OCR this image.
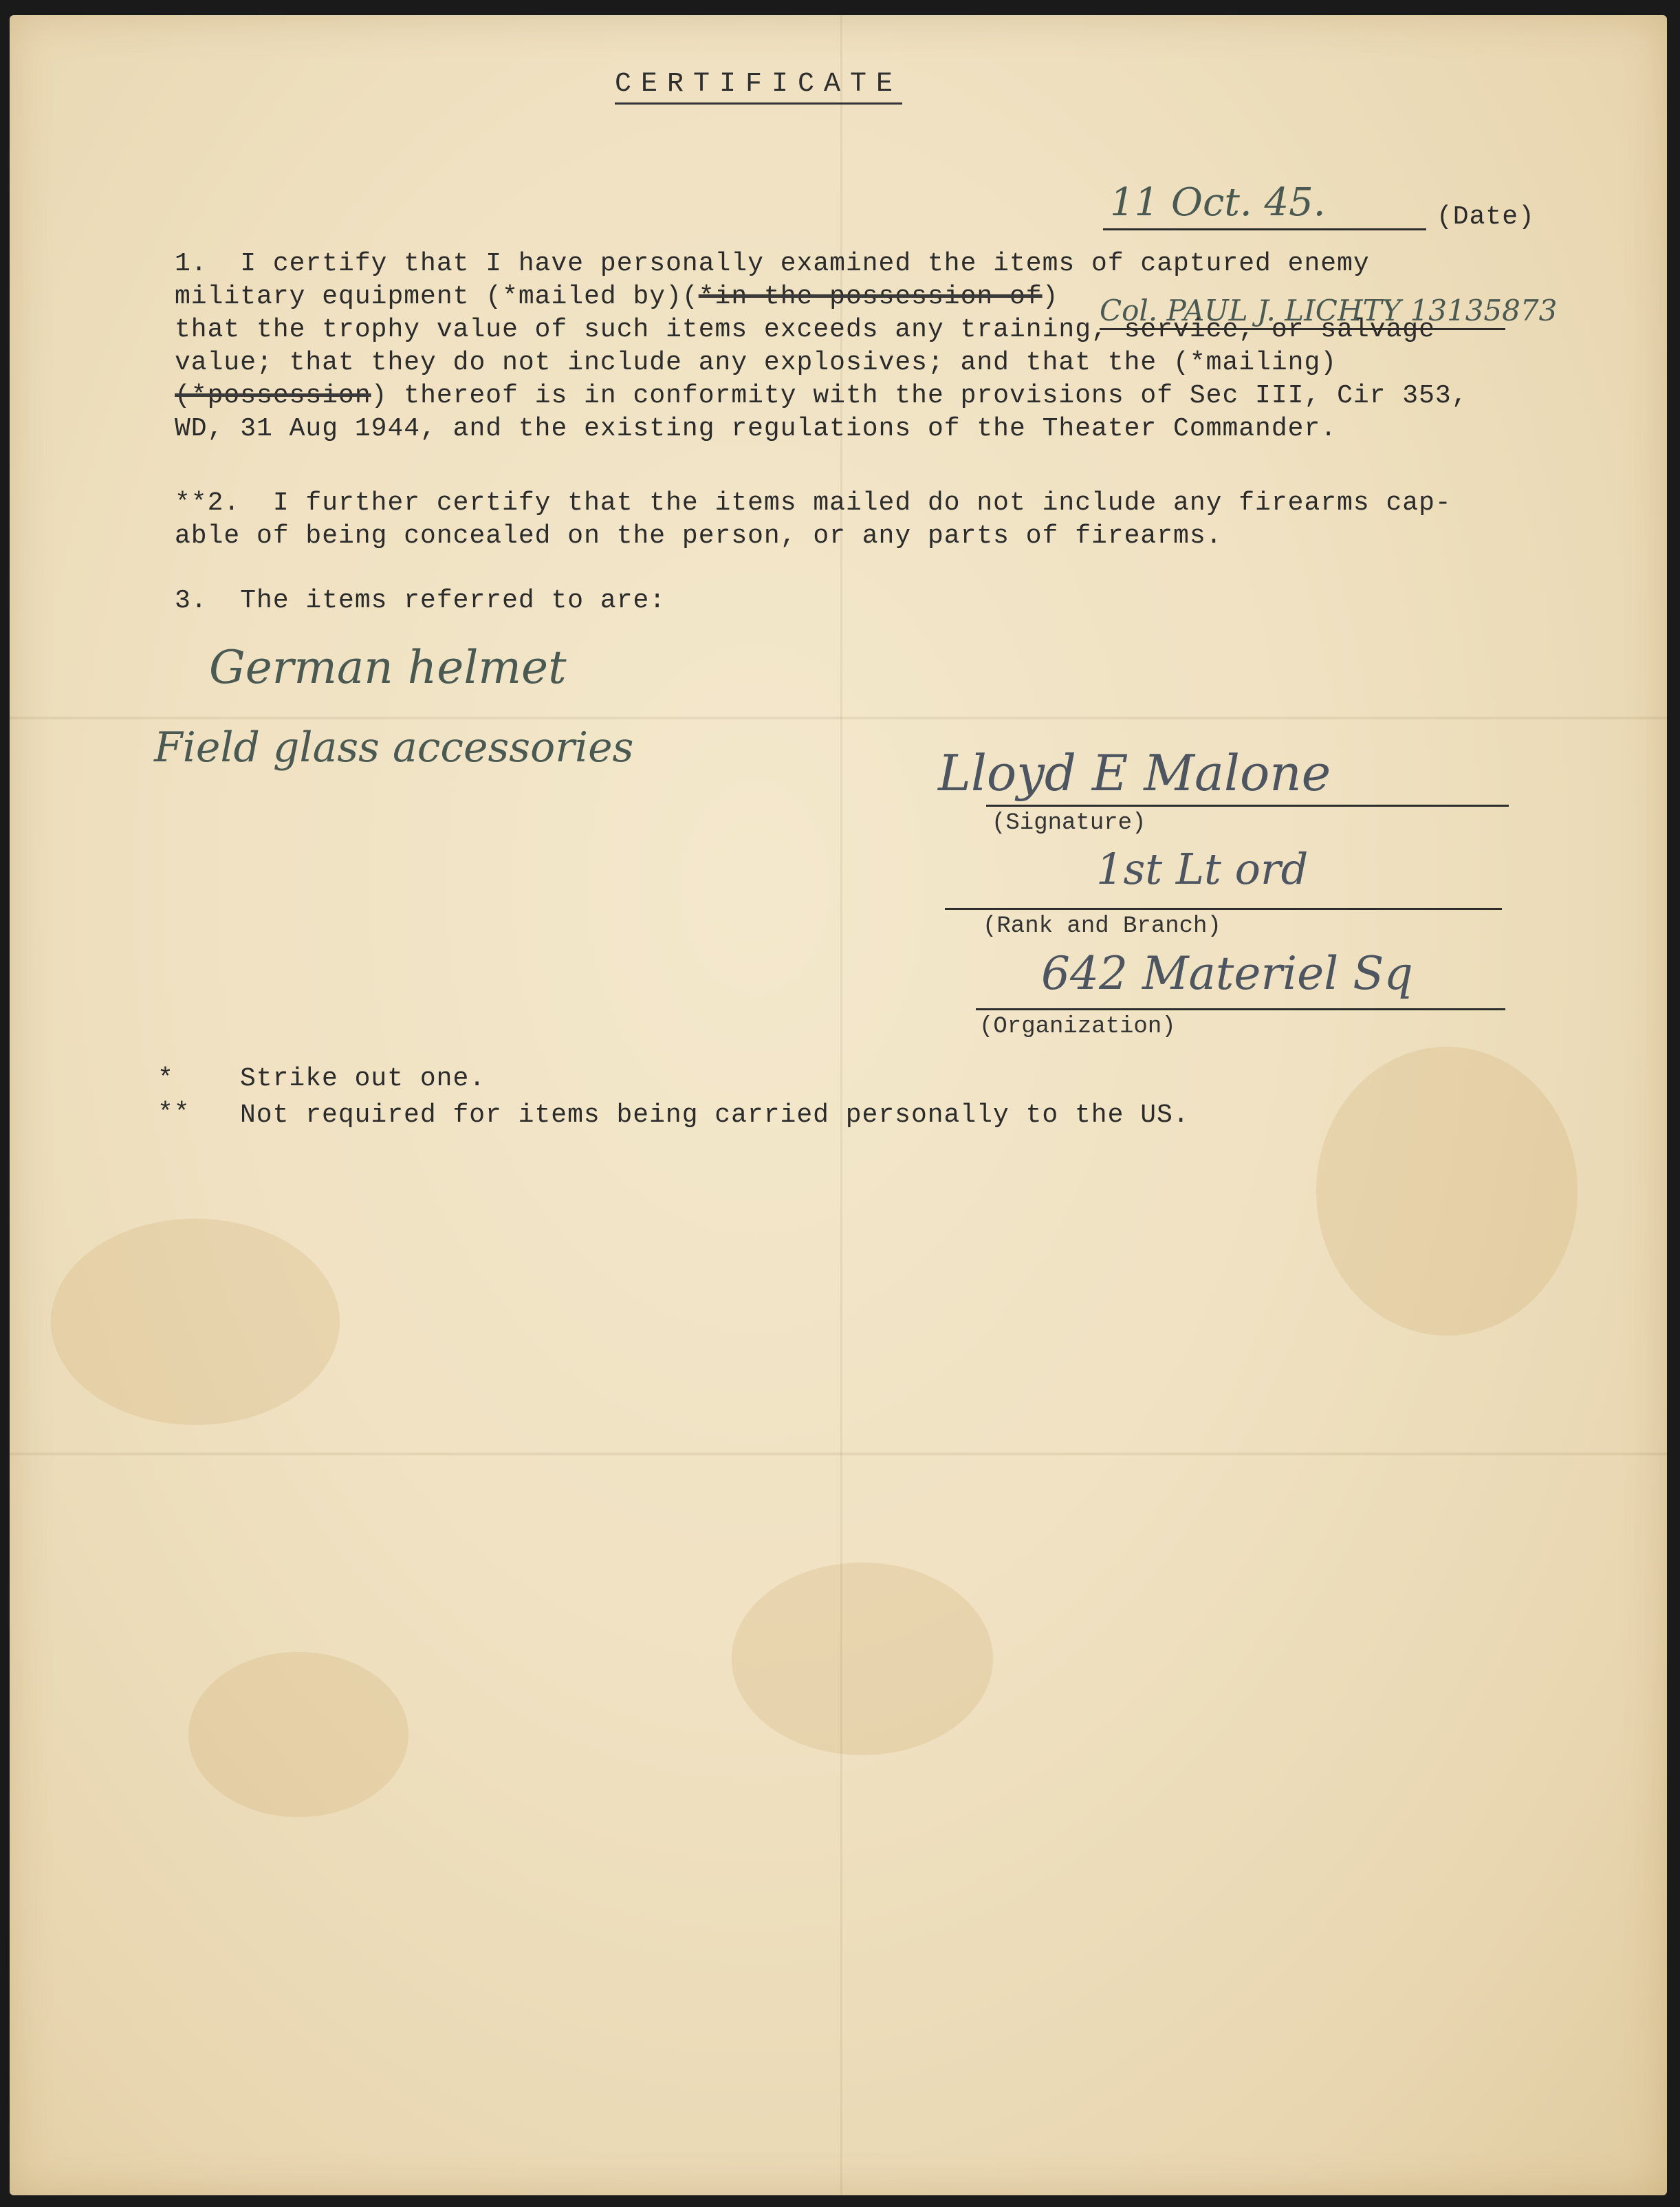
CERTIFICATE
11 Oct. 45.	(Date)
1.  I certify that I have personally examined the items of captured enemy
military equipment (*mailed by)(*in the possession of) Col. PAUL J. LICHTY 13135873
that the trophy value of such items exceeds any training, service, or salvage
value; that they do not include any explosives; and that the (*mailing)
(*possession) thereof is in conformity with the provisions of Sec III, Cir 353,
WD, 31 Aug 1944, and the existing regulations of the Theater Commander.
**2.  I further certify that the items mailed do not include any firearms cap-
able of being concealed on the person, or any parts of firearms.
3.  The items referred to are:
German helmet
Field glass accessories	Lloyd E Malone
(Signature)
1st Lt ord
(Rank and Branch)
642 Materiel Sq
(Organization)
*	Strike out one.
** Not required for items being carried personally to the US.
